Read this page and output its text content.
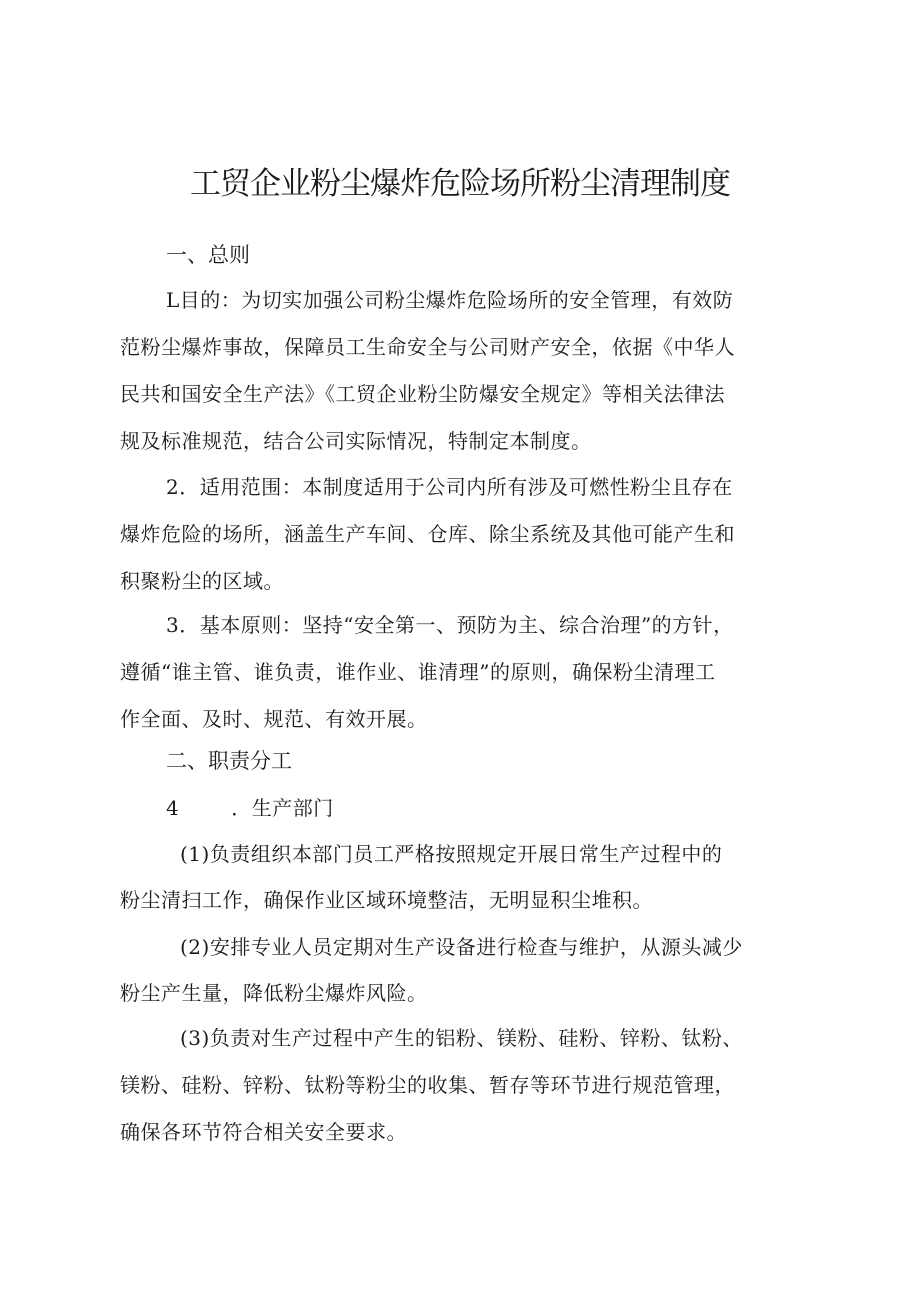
工贸企业粉尘爆炸危险场所粉尘清理制度
一、总则
L目的：为切实加强公司粉尘爆炸危险场所的安全管理，有效防
范粉尘爆炸事故，保障员工生命安全与公司财产安全，依据《中华人
民共和国安全生产法》《工贸企业粉尘防爆安全规定》等相关法律法
规及标准规范，结合公司实际情况，特制定本制度。
2．适用范围：本制度适用于公司内所有涉及可燃性粉尘且存在
爆炸危险的场所，涵盖生产车间、仓库、除尘系统及其他可能产生和
积聚粉尘的区域。
3．基本原则：坚持“安全第一、预防为主、综合治理”的方针，
遵循“谁主管、谁负责，谁作业、谁清理”的原则，确保粉尘清理工
作全面、及时、规范、有效开展。
二、职责分工
4	．生产部门
(1)负责组织本部门员工严格按照规定开展日常生产过程中的
粉尘清扫工作，确保作业区域环境整洁，无明显积尘堆积。
(2)安排专业人员定期对生产设备进行检查与维护，从源头减少
粉尘产生量，降低粉尘爆炸风险。
(3)负责对生产过程中产生的铝粉、镁粉、硅粉、锌粉、钛粉、
镁粉、硅粉、锌粉、钛粉等粉尘的收集、暂存等环节进行规范管理，
确保各环节符合相关安全要求。
